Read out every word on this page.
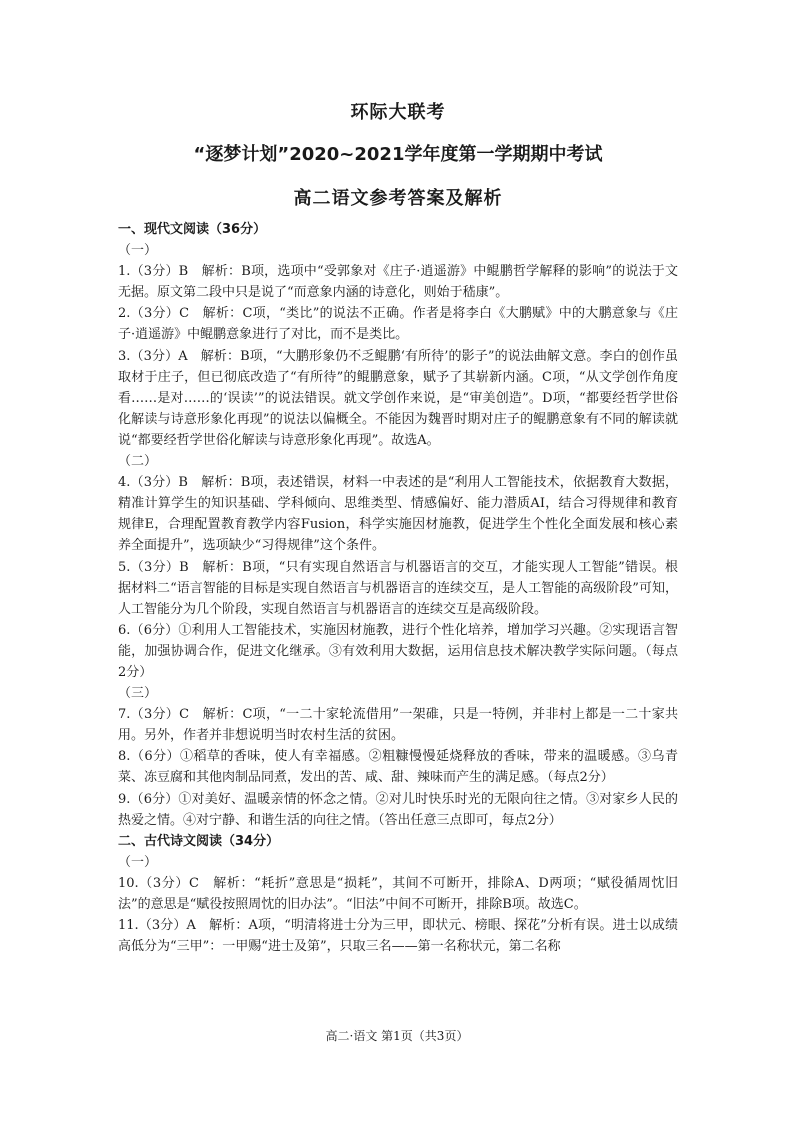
环际大联考

“逐梦计划”2020~2021学年度第一学期期中考试

高二语文参考答案及解析

一、现代文阅读（36分）

（一）

1.（3分）B　解析：B项，选项中“受郭象对《庄子·逍遥游》中鲲鹏哲学解释的影响”的说法于文无据。原文第二段中只是说了“而意象内涵的诗意化，则始于嵇康”。

2.（3分）C　解析：C项，“类比”的说法不正确。作者是将李白《大鹏赋》中的大鹏意象与《庄子·逍遥游》中鲲鹏意象进行了对比，而不是类比。

3.（3分）A　解析：B项，“大鹏形象仍不乏鲲鹏‘有所待’的影子”的说法曲解文意。李白的创作虽取材于庄子，但已彻底改造了“有所待”的鲲鹏意象，赋予了其崭新内涵。C项，“从文学创作角度看……是对……的‘误读’”的说法错误。就文学创作来说，是“审美创造”。D项，“都要经哲学世俗化解读与诗意形象化再现”的说法以偏概全。不能因为魏晋时期对庄子的鲲鹏意象有不同的解读就说“都要经哲学世俗化解读与诗意形象化再现”。故选A。

（二）

4.（3分）B　解析：B项，表述错误，材料一中表述的是“利用人工智能技术，依据教育大数据，精准计算学生的知识基础、学科倾向、思维类型、情感偏好、能力潜质AI，结合习得规律和教育规律E，合理配置教育教学内容Fusion，科学实施因材施教，促进学生个性化全面发展和核心素养全面提升”，选项缺少“习得规律”这个条件。

5.（3分）B　解析：B项，“只有实现自然语言与机器语言的交互，才能实现人工智能”错误。根据材料二“语言智能的目标是实现自然语言与机器语言的连续交互，是人工智能的高级阶段”可知，人工智能分为几个阶段，实现自然语言与机器语言的连续交互是高级阶段。

6.（6分）①利用人工智能技术，实施因材施教，进行个性化培养，增加学习兴趣。②实现语言智能，加强协调合作，促进文化继承。③有效利用大数据，运用信息技术解决教学实际问题。（每点2分）

（三）

7.（3分）C　解析：C项，“一二十家轮流借用”一架碓，只是一特例，并非村上都是一二十家共用。另外，作者并非想说明当时农村生活的贫困。

8.（6分）①稻草的香味，使人有幸福感。②粗糠慢慢延烧释放的香味，带来的温暖感。③乌青菜、冻豆腐和其他肉制品同煮，发出的苦、咸、甜、辣味而产生的满足感。（每点2分）

9.（6分）①对美好、温暖亲情的怀念之情。②对儿时快乐时光的无限向往之情。③对家乡人民的热爱之情。④对宁静、和谐生活的向往之情。（答出任意三点即可，每点2分）

二、古代诗文阅读（34分）

（一）

10.（3分）C　解析：“耗折”意思是“损耗”，其间不可断开，排除A、D两项；“赋役循周忱旧法”的意思是“赋役按照周忱的旧办法”。“旧法”中间不可断开，排除B项。故选C。

11.（3分）A　解析：A项，“明清将进士分为三甲，即状元、榜眼、探花”分析有误。进士以成绩高低分为“三甲”：一甲赐“进士及第”，只取三名——第一名称状元，第二名称

高二·语文 第1页（共3页）
